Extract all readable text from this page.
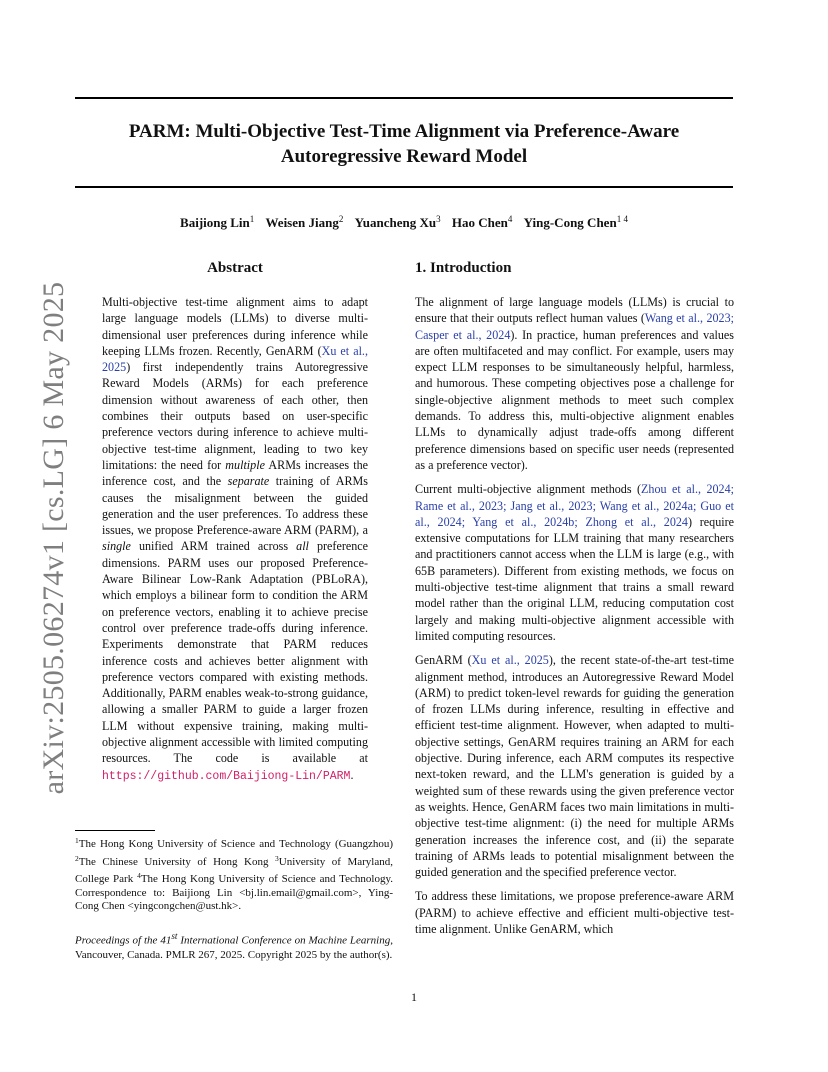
PARM: Multi-Objective Test-Time Alignment via Preference-Aware
Autoregressive Reward Model
Baijiong Lin$^1$ Weisen Jiang$^2$ Yuancheng Xu$^3$ Hao Chen$^4$ Ying-Cong Chen$^{1 4}$
arXiv:2505.06274v1 [cs.LG] 6 May 2025
Abstract

Multi-objective test-time alignment aims to adapt large language models (LLMs) to diverse multi-dimensional user preferences during inference while keeping LLMs frozen. Recently, GenARM (Xu et al., 2025) first independently trains Autoregressive Reward Models (ARMs) for each preference dimension without awareness of each other, then combines their outputs based on user-specific preference vectors during inference to achieve multi-objective test-time alignment, leading to two key limitations: the need for multiple ARMs increases the inference cost, and the separate training of ARMs causes the misalignment between the guided generation and the user preferences. To address these issues, we propose Preference-aware ARM (PARM), a single unified ARM trained across all preference dimensions. PARM uses our proposed Preference-Aware Bilinear Low-Rank Adaptation (PBLoRA), which employs a bilinear form to condition the ARM on preference vectors, enabling it to achieve precise control over preference trade-offs during inference. Experiments demonstrate that PARM reduces inference costs and achieves better alignment with preference vectors compared with existing methods. Additionally, PARM enables weak-to-strong guidance, allowing a smaller PARM to guide a larger frozen LLM without expensive training, making multi-objective alignment accessible with limited computing resources. The code is available at https://github.com/Baijiong-Lin/PARM.

$^1$The Hong Kong University of Science and Technology (Guangzhou) $^2$The Chinese University of Hong Kong $^3$University of Maryland, College Park $^4$The Hong Kong University of Science and Technology. Correspondence to: Baijiong Lin <bj.lin.email@gmail.com>, Ying-Cong Chen <yingcongchen@ust.hk>.
Proceedings of the 41st International Conference on Machine Learning, Vancouver, Canada. PMLR 267, 2025. Copyright 2025 by the author(s).
1. Introduction

The alignment of large language models (LLMs) is crucial to ensure that their outputs reflect human values (Wang et al., 2023; Casper et al., 2024). In practice, human preferences and values are often multifaceted and may conflict. For example, users may expect LLM responses to be simultaneously helpful, harmless, and humorous. These competing objectives pose a challenge for single-objective alignment methods to meet such complex demands. To address this, multi-objective alignment enables LLMs to dynamically adjust trade-offs among different preference dimensions based on specific user needs (represented as a preference vector).

Current multi-objective alignment methods (Zhou et al., 2024; Rame et al., 2023; Jang et al., 2023; Wang et al., 2024a; Guo et al., 2024; Yang et al., 2024b; Zhong et al., 2024) require extensive computations for LLM training that many researchers and practitioners cannot access when the LLM is large (e.g., with 65B parameters). Different from existing methods, we focus on multi-objective test-time alignment that trains a small reward model rather than the original LLM, reducing computation cost largely and making multi-objective alignment accessible with limited computing resources.

GenARM (Xu et al., 2025), the recent state-of-the-art test-time alignment method, introduces an Autoregressive Reward Model (ARM) to predict token-level rewards for guiding the generation of frozen LLMs during inference, resulting in effective and efficient test-time alignment. However, when adapted to multi-objective settings, GenARM requires training an ARM for each objective. During inference, each ARM computes its respective next-token reward, and the LLM's generation is guided by a weighted sum of these rewards using the given preference vector as weights. Hence, GenARM faces two main limitations in multi-objective test-time alignment: (i) the need for multiple ARMs generation increases the inference cost, and (ii) the separate training of ARMs leads to potential misalignment between the guided generation and the specified preference vector.

To address these limitations, we propose preference-aware ARM (PARM) to achieve effective and efficient multi-objective test-time alignment. Unlike GenARM, which

1
